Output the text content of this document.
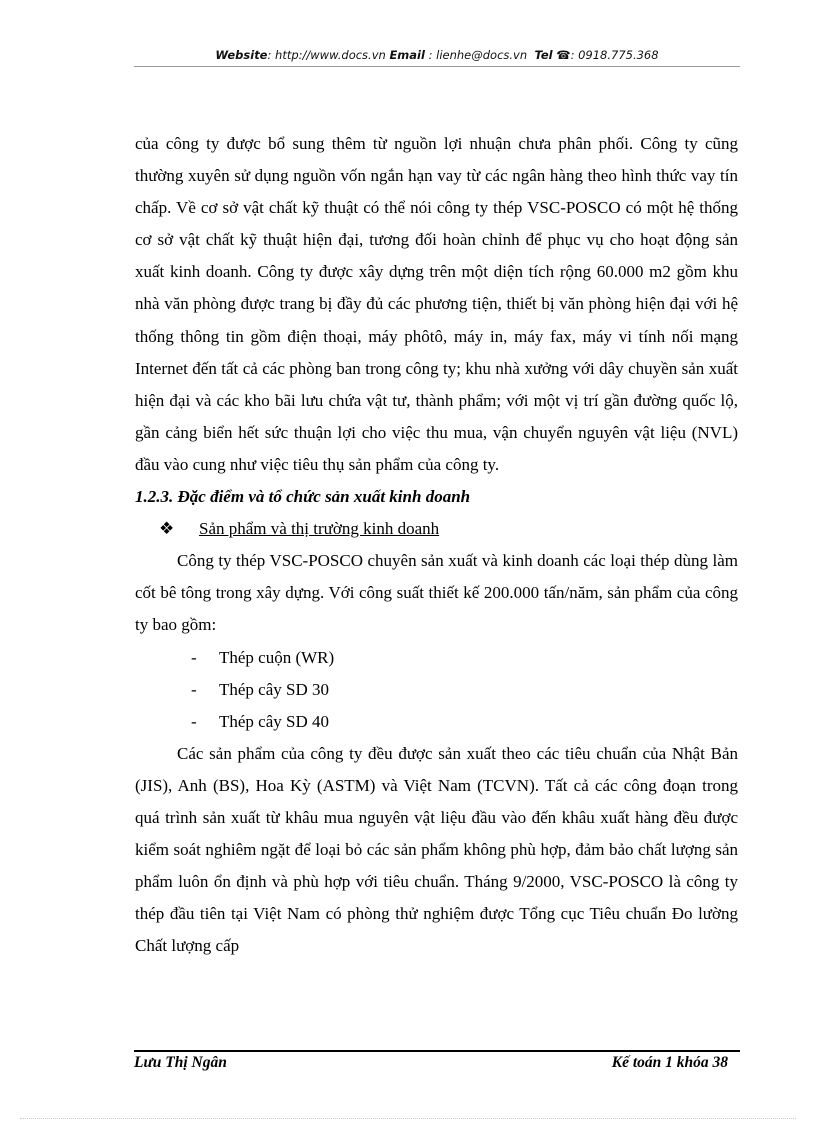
Website: http://www.docs.vn Email : lienhe@docs.vn Tel ☎: 0918.775.368

của công ty được bổ sung thêm từ nguồn lợi nhuận chưa phân phối. Công ty cũng thường xuyên sử dụng nguồn vốn ngắn hạn vay từ các ngân hàng theo hình thức vay tín chấp. Về cơ sở vật chất kỹ thuật có thể nói công ty thép VSC-POSCO có một hệ thống cơ sở vật chất kỹ thuật hiện đại, tương đối hoàn chỉnh để phục vụ cho hoạt động sản xuất kinh doanh. Công ty được xây dựng trên một diện tích rộng 60.000 m2 gồm khu nhà văn phòng được trang bị đầy đủ các phương tiện, thiết bị văn phòng hiện đại với hệ thống thông tin gồm điện thoại, máy phôtô, máy in, máy fax, máy vi tính nối mạng Internet đến tất cả các phòng ban trong công ty; khu nhà xưởng với dây chuyền sản xuất hiện đại và các kho bãi lưu chứa vật tư, thành phẩm; với một vị trí gần đường quốc lộ, gần cảng biển hết sức thuận lợi cho việc thu mua, vận chuyển nguyên vật liệu (NVL) đầu vào cung như việc tiêu thụ sản phẩm của công ty.

1.2.3. Đặc điểm và tổ chức sản xuất kinh doanh

❖ Sản phẩm và thị trường kinh doanh

Công ty thép VSC-POSCO chuyên sản xuất và kinh doanh các loại thép dùng làm cốt bê tông trong xây dựng. Với công suất thiết kế 200.000 tấn/năm, sản phẩm của công ty bao gồm:

- Thép cuộn (WR)

- Thép cây SD 30

- Thép cây SD 40

Các sản phẩm của công ty đều được sản xuất theo các tiêu chuẩn của Nhật Bản (JIS), Anh (BS), Hoa Kỳ (ASTM) và Việt Nam (TCVN). Tất cả các công đoạn trong quá trình sản xuất từ khâu mua nguyên vật liệu đầu vào đến khâu xuất hàng đều được kiểm soát nghiêm ngặt để loại bỏ các sản phẩm không phù hợp, đảm bảo chất lượng sản phẩm luôn ổn định và phù hợp với tiêu chuẩn. Tháng 9/2000, VSC-POSCO là công ty thép đầu tiên tại Việt Nam có phòng thử nghiệm được Tổng cục Tiêu chuẩn Đo lường Chất lượng cấp

Lưu Thị Ngân	Kế toán 1 khóa 38
